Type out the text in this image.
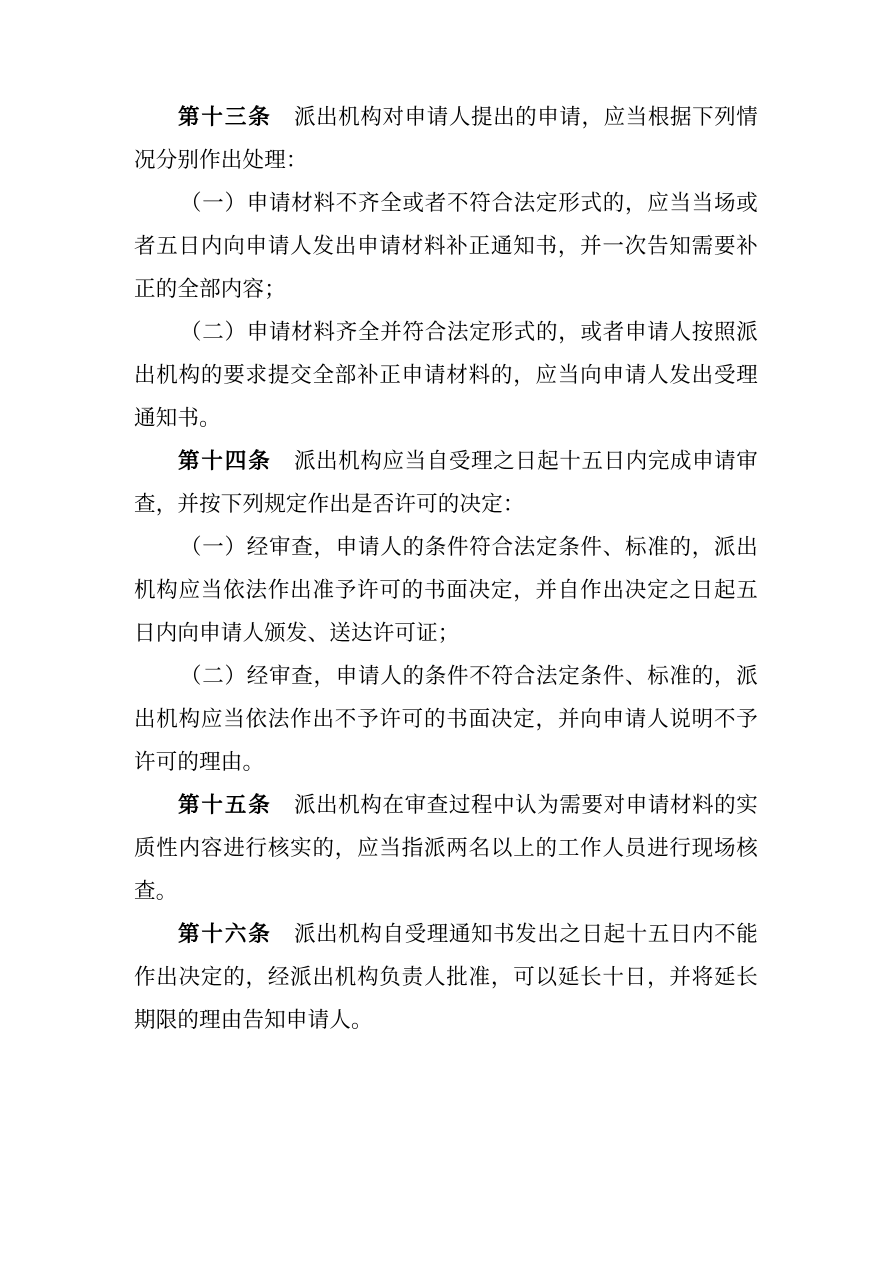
第十三条 派出机构对申请人提出的申请，应当根据下列情况分别作出处理：

（一）申请材料不齐全或者不符合法定形式的，应当当场或者五日内向申请人发出申请材料补正通知书，并一次告知需要补正的全部内容；

（二）申请材料齐全并符合法定形式的，或者申请人按照派出机构的要求提交全部补正申请材料的，应当向申请人发出受理通知书。

第十四条 派出机构应当自受理之日起十五日内完成申请审查，并按下列规定作出是否许可的决定：

（一）经审查，申请人的条件符合法定条件、标准的，派出机构应当依法作出准予许可的书面决定，并自作出决定之日起五日内向申请人颁发、送达许可证；

（二）经审查，申请人的条件不符合法定条件、标准的，派出机构应当依法作出不予许可的书面决定，并向申请人说明不予许可的理由。

第十五条 派出机构在审查过程中认为需要对申请材料的实质性内容进行核实的，应当指派两名以上的工作人员进行现场核查。

第十六条 派出机构自受理通知书发出之日起十五日内不能作出决定的，经派出机构负责人批准，可以延长十日，并将延长期限的理由告知申请人。
